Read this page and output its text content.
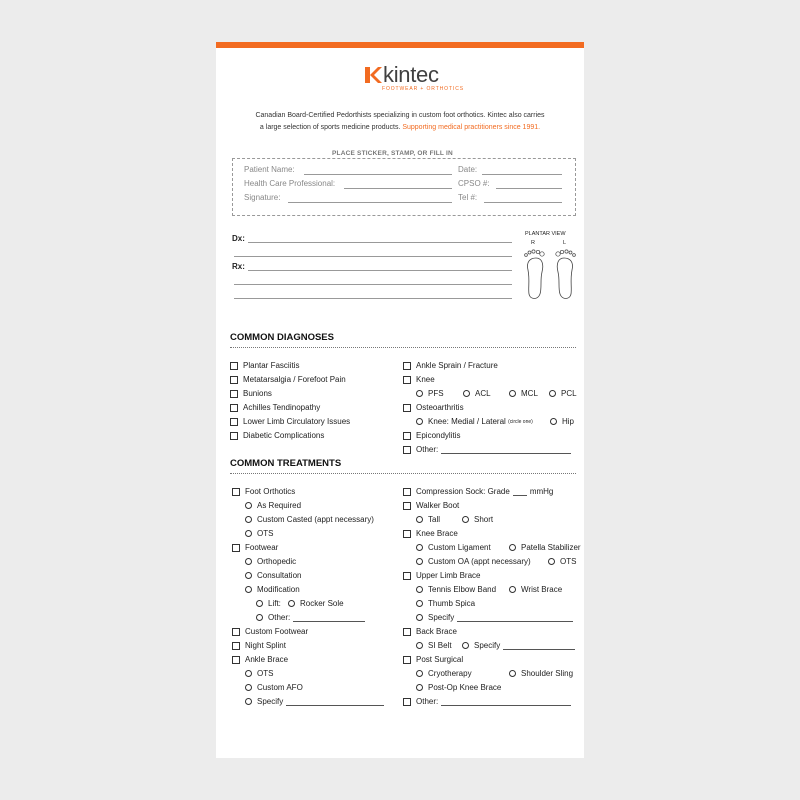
kintec
FOOTWEAR + ORTHOTICS
Canadian Board-Certified Pedorthists specializing in custom foot orthotics. Kintec also carries
a large selection of sports medicine products. Supporting medical practitioners since 1991.
PLACE STICKER, STAMP, OR FILL IN
Patient Name:	Date:
Health Care Professional:	CPSO #:
Signature:	Tel #:
Dx:
Rx:
PLANTAR VIEW
R	L
COMMON DIAGNOSES
Plantar Fasciitis
Metatarsalgia / Forefoot Pain
Bunions
Achilles Tendinopathy
Lower Limb Circulatory Issues
Diabetic Complications
Ankle Sprain / Fracture
Knee
PFS	ACL	MCL	PCL
Osteoarthritis
Knee: Medial / Lateral
(circle one)	Hip
Epicondylitis
Other:
COMMON TREATMENTS
Foot Orthotics
As Required
Custom Casted (appt necessary)
OTS
Footwear
Orthopedic
Consultation
Modification
Lift: Rocker Sole
Other:
Custom Footwear
Night Splint
Ankle Brace
OTS
Custom AFO
Specify
Compression Sock: Grade	mmHg
Walker Boot
Tall	Short
Knee Brace
Custom Ligament	Patella Stabilizer
Custom OA (appt necessary)	OTS
Upper Limb Brace
Tennis Elbow Band	Wrist Brace
Thumb Spica
Specify
Back Brace
SI Belt	Specify
Post Surgical
Cryotherapy	Shoulder Sling
Post-Op Knee Brace
Other:
